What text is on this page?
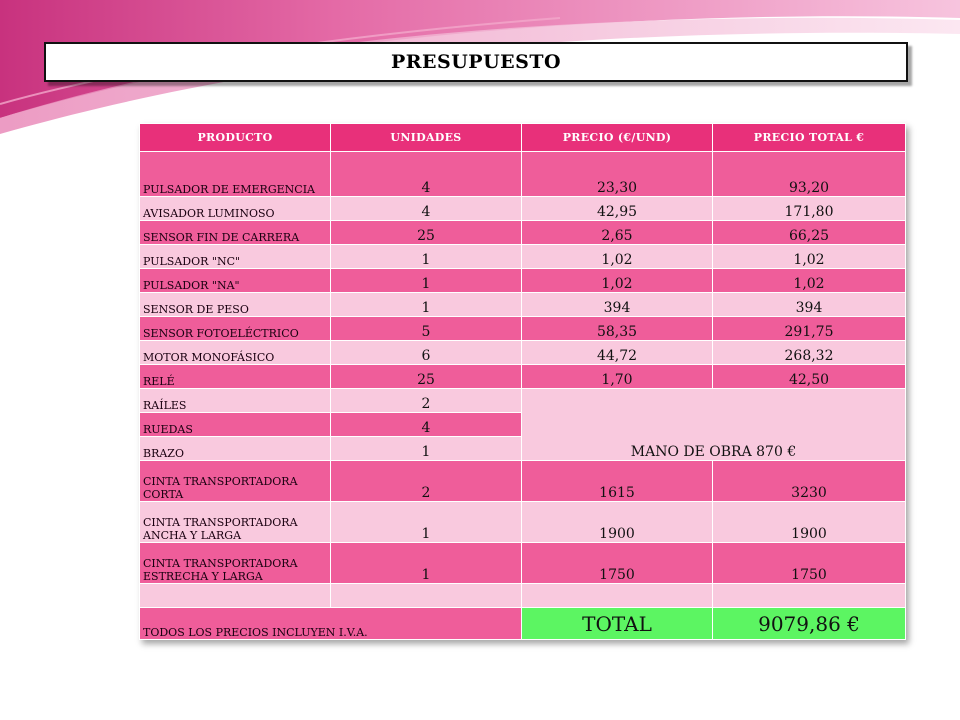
PRESUPUESTO
PRODUCTO	UNIDADES	PRECIO (€/UND)	PRECIO TOTAL €
PULSADOR DE EMERGENCIA	4	23,30	93,20
AVISADOR LUMINOSO	4	42,95	171,80
SENSOR FIN DE CARRERA	25	2,65	66,25
PULSADOR "NC"	1	1,02	1,02
PULSADOR "NA"	1	1,02	1,02
SENSOR DE PESO	1	394	394
SENSOR FOTOELÉCTRICO	5	58,35	291,75
MOTOR MONOFÁSICO	6	44,72	268,32
RELÉ	25	1,70	42,50
RAÍLES	2	MANO DE OBRA 870 €	
RUEDAS	4		
BRAZO	1		
CINTA TRANSPORTADORA CORTA	2	1615	3230
CINTA TRANSPORTADORA ANCHA Y LARGA	1	1900	1900
CINTA TRANSPORTADORA ESTRECHA Y LARGA	1	1750	1750

TODOS LOS PRECIOS INCLUYEN I.V.A.		TOTAL	9079,86 €
